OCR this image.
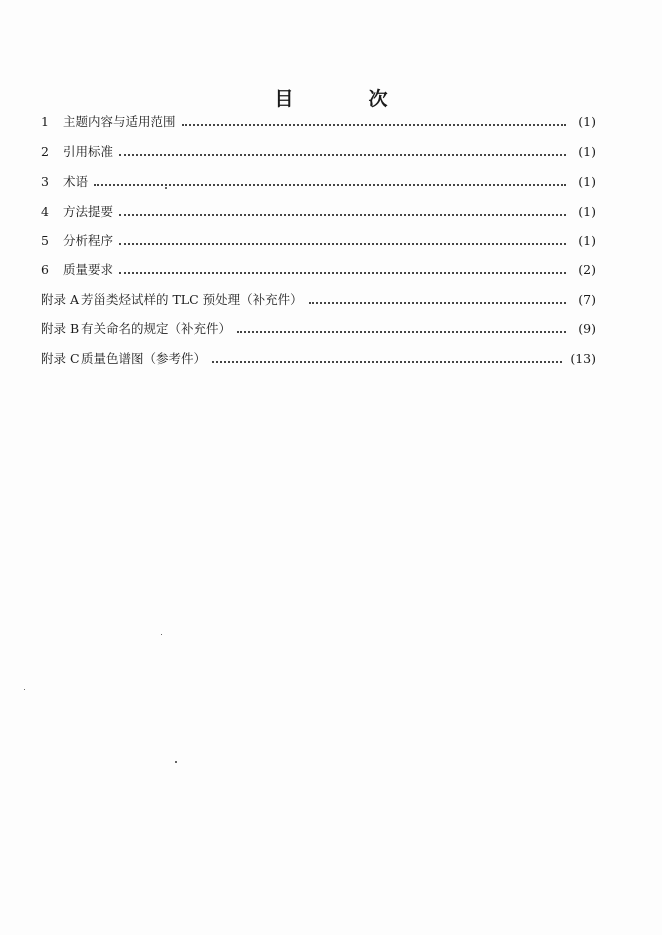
目　次
1	主题内容与适用范围	(1)
2	引用标准	(1)
3	术语	(1)
4	方法提要	(1)
5	分析程序	(1)
6	质量要求	(2)
附录 A 芳甾类烃试样的 TLC 预处理（补充件）	(7)
附录 B 有关命名的规定（补充件）	(9)
附录 C 质量色谱图（参考件）	(13)
